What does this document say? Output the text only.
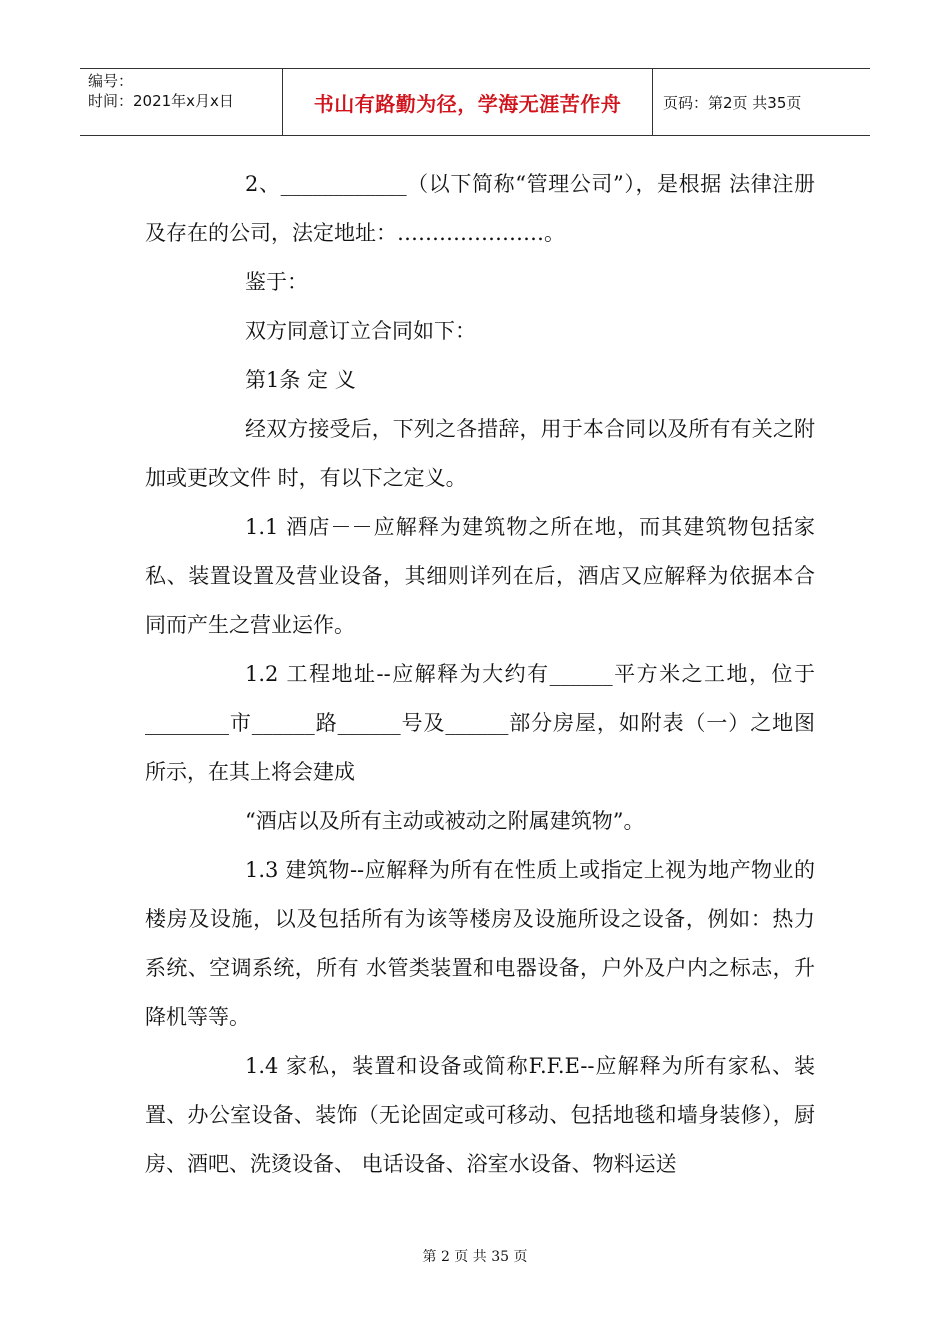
编号：
时间：2021年x月x日	书山有路勤为径，学海无涯苦作舟	页码：第2页 共35页

2、____________（以下简称“管理公司”），是根据 法律注册及存在的公司，法定地址：…………………。

鉴于：

双方同意订立合同如下：

第1条 定 义

经双方接受后，下列之各措辞，用于本合同以及所有有关之附加或更改文件 时，有以下之定义。

1.1 酒店－－应解释为建筑物之所在地，而其建筑物包括家私、装置设置及营业设备，其细则详列在后，酒店又应解释为依据本合同而产生之营业运作。

1.2 工程地址--应解释为大约有______平方米之工地，位于________市______路______号及______部分房屋，如附表（一）之地图所示，在其上将会建成

“酒店以及所有主动或被动之附属建筑物”。

1.3 建筑物--应解释为所有在性质上或指定上视为地产物业的楼房及设施，以及包括所有为该等楼房及设施所设之设备，例如：热力系统、空调系统，所有 水管类装置和电器设备，户外及户内之标志，升降机等等。

1.4 家私，装置和设备或简称F.F.E--应解释为所有家私、装置、办公室设备、装饰（无论固定或可移动、包括地毯和墙身装修），厨房、酒吧、洗烫设备、 电话设备、浴室水设备、物料运送

第 2 页 共 35 页
